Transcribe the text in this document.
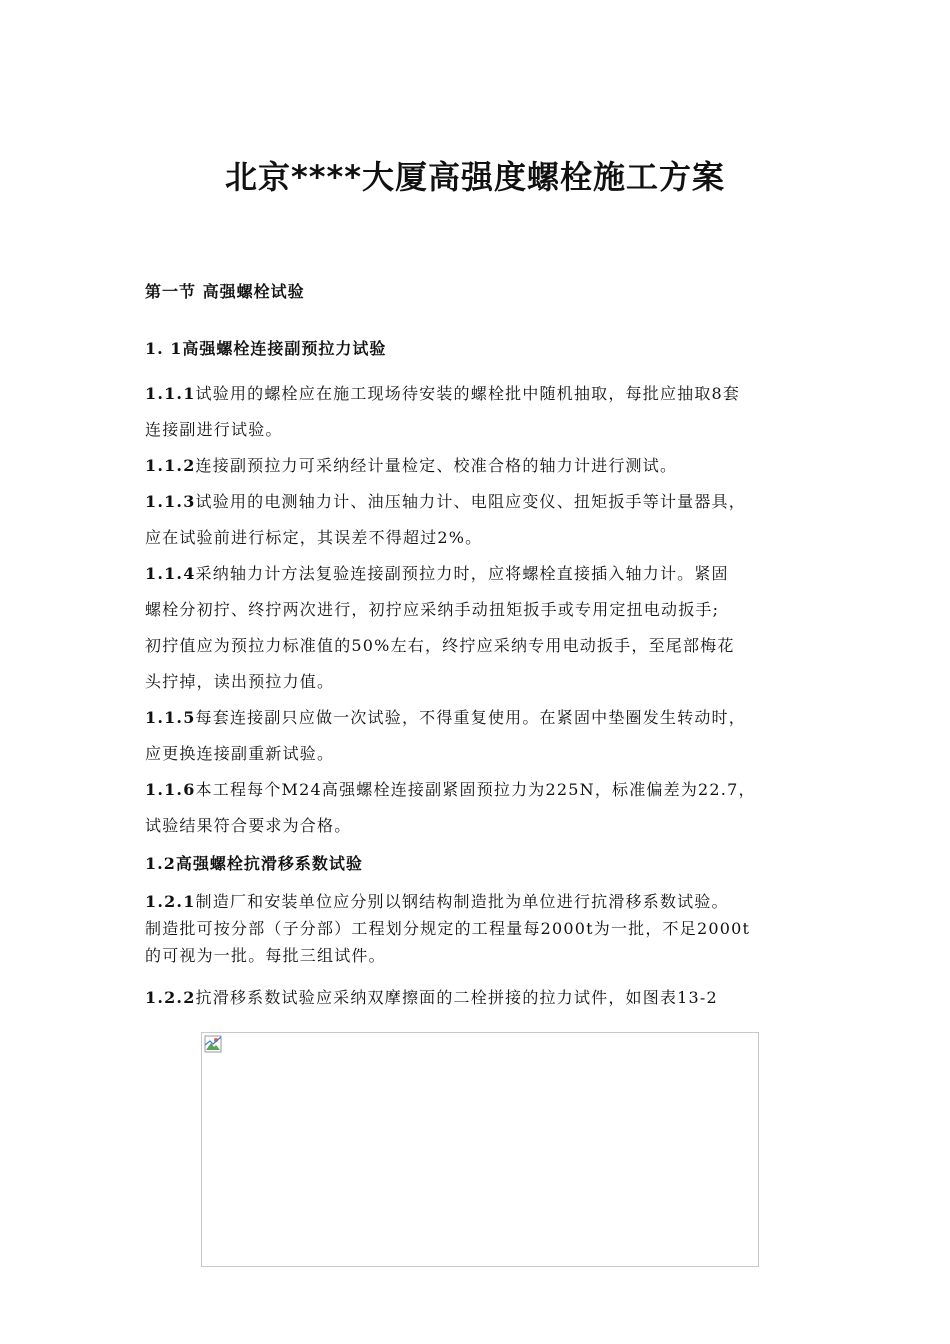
北京****大厦高强度螺栓施工方案
第一节 高强螺栓试验
1. 1高强螺栓连接副预拉力试验

1.1.1试验用的螺栓应在施工现场待安装的螺栓批中随机抽取，每批应抽取8套
连接副进行试验。

1.1.2连接副预拉力可采纳经计量检定、校准合格的轴力计进行测试。

1.1.3试验用的电测轴力计、油压轴力计、电阻应变仪、扭矩扳手等计量器具，
应在试验前进行标定，其误差不得超过2%。

1.1.4采纳轴力计方法复验连接副预拉力时，应将螺栓直接插入轴力计。紧固
螺栓分初拧、终拧两次进行，初拧应采纳手动扭矩扳手或专用定扭电动扳手;
初拧值应为预拉力标准值的50%左右，终拧应采纳专用电动扳手，至尾部梅花
头拧掉，读出预拉力值。

1.1.5每套连接副只应做一次试验，不得重复使用。在紧固中垫圈发生转动时，
应更换连接副重新试验。

1.1.6本工程每个M24高强螺栓连接副紧固预拉力为225N，标准偏差为22.7，
试验结果符合要求为合格。

1.2高强螺栓抗滑移系数试验

1.2.1制造厂和安装单位应分别以钢结构制造批为单位进行抗滑移系数试验。
制造批可按分部（子分部）工程划分规定的工程量每2000t为一批，不足2000t
的可视为一批。每批三组试件。

1.2.2抗滑移系数试验应采纳双摩擦面的二栓拼接的拉力试件，如图表13-2
